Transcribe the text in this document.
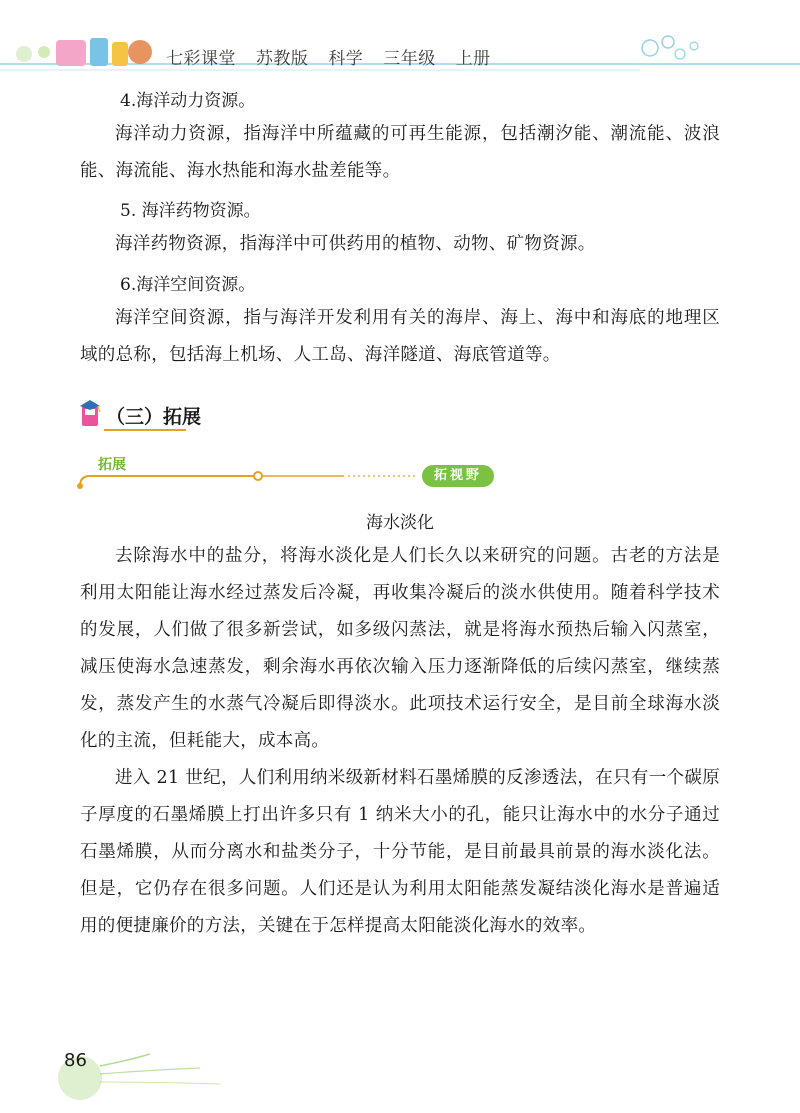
七彩课堂 苏教版 科学 三年级 上册
4.海洋动力资源。
海洋动力资源，指海洋中所蕴藏的可再生能源，包括潮汐能、潮流能、波浪能、海流能、海水热能和海水盐差能等。
5. 海洋药物资源。
海洋药物资源，指海洋中可供药用的植物、动物、矿物资源。
6.海洋空间资源。
海洋空间资源，指与海洋开发利用有关的海岸、海上、海中和海底的地理区域的总称，包括海上机场、人工岛、海洋隧道、海底管道等。
（三）拓展
拓展
拓视野
海水淡化
去除海水中的盐分，将海水淡化是人们长久以来研究的问题。古老的方法是利用太阳能让海水经过蒸发后冷凝，再收集冷凝后的淡水供使用。随着科学技术的发展，人们做了很多新尝试，如多级闪蒸法，就是将海水预热后输入闪蒸室，减压使海水急速蒸发，剩余海水再依次输入压力逐渐降低的后续闪蒸室，继续蒸发，蒸发产生的水蒸气冷凝后即得淡水。此项技术运行安全，是目前全球海水淡化的主流，但耗能大，成本高。
进入 21 世纪，人们利用纳米级新材料石墨烯膜的反渗透法，在只有一个碳原子厚度的石墨烯膜上打出许多只有 1 纳米大小的孔，能只让海水中的水分子通过石墨烯膜，从而分离水和盐类分子，十分节能，是目前最具前景的海水淡化法。但是，它仍存在很多问题。人们还是认为利用太阳能蒸发凝结淡化海水是普遍适用的便捷廉价的方法，关键在于怎样提高太阳能淡化海水的效率。
86
